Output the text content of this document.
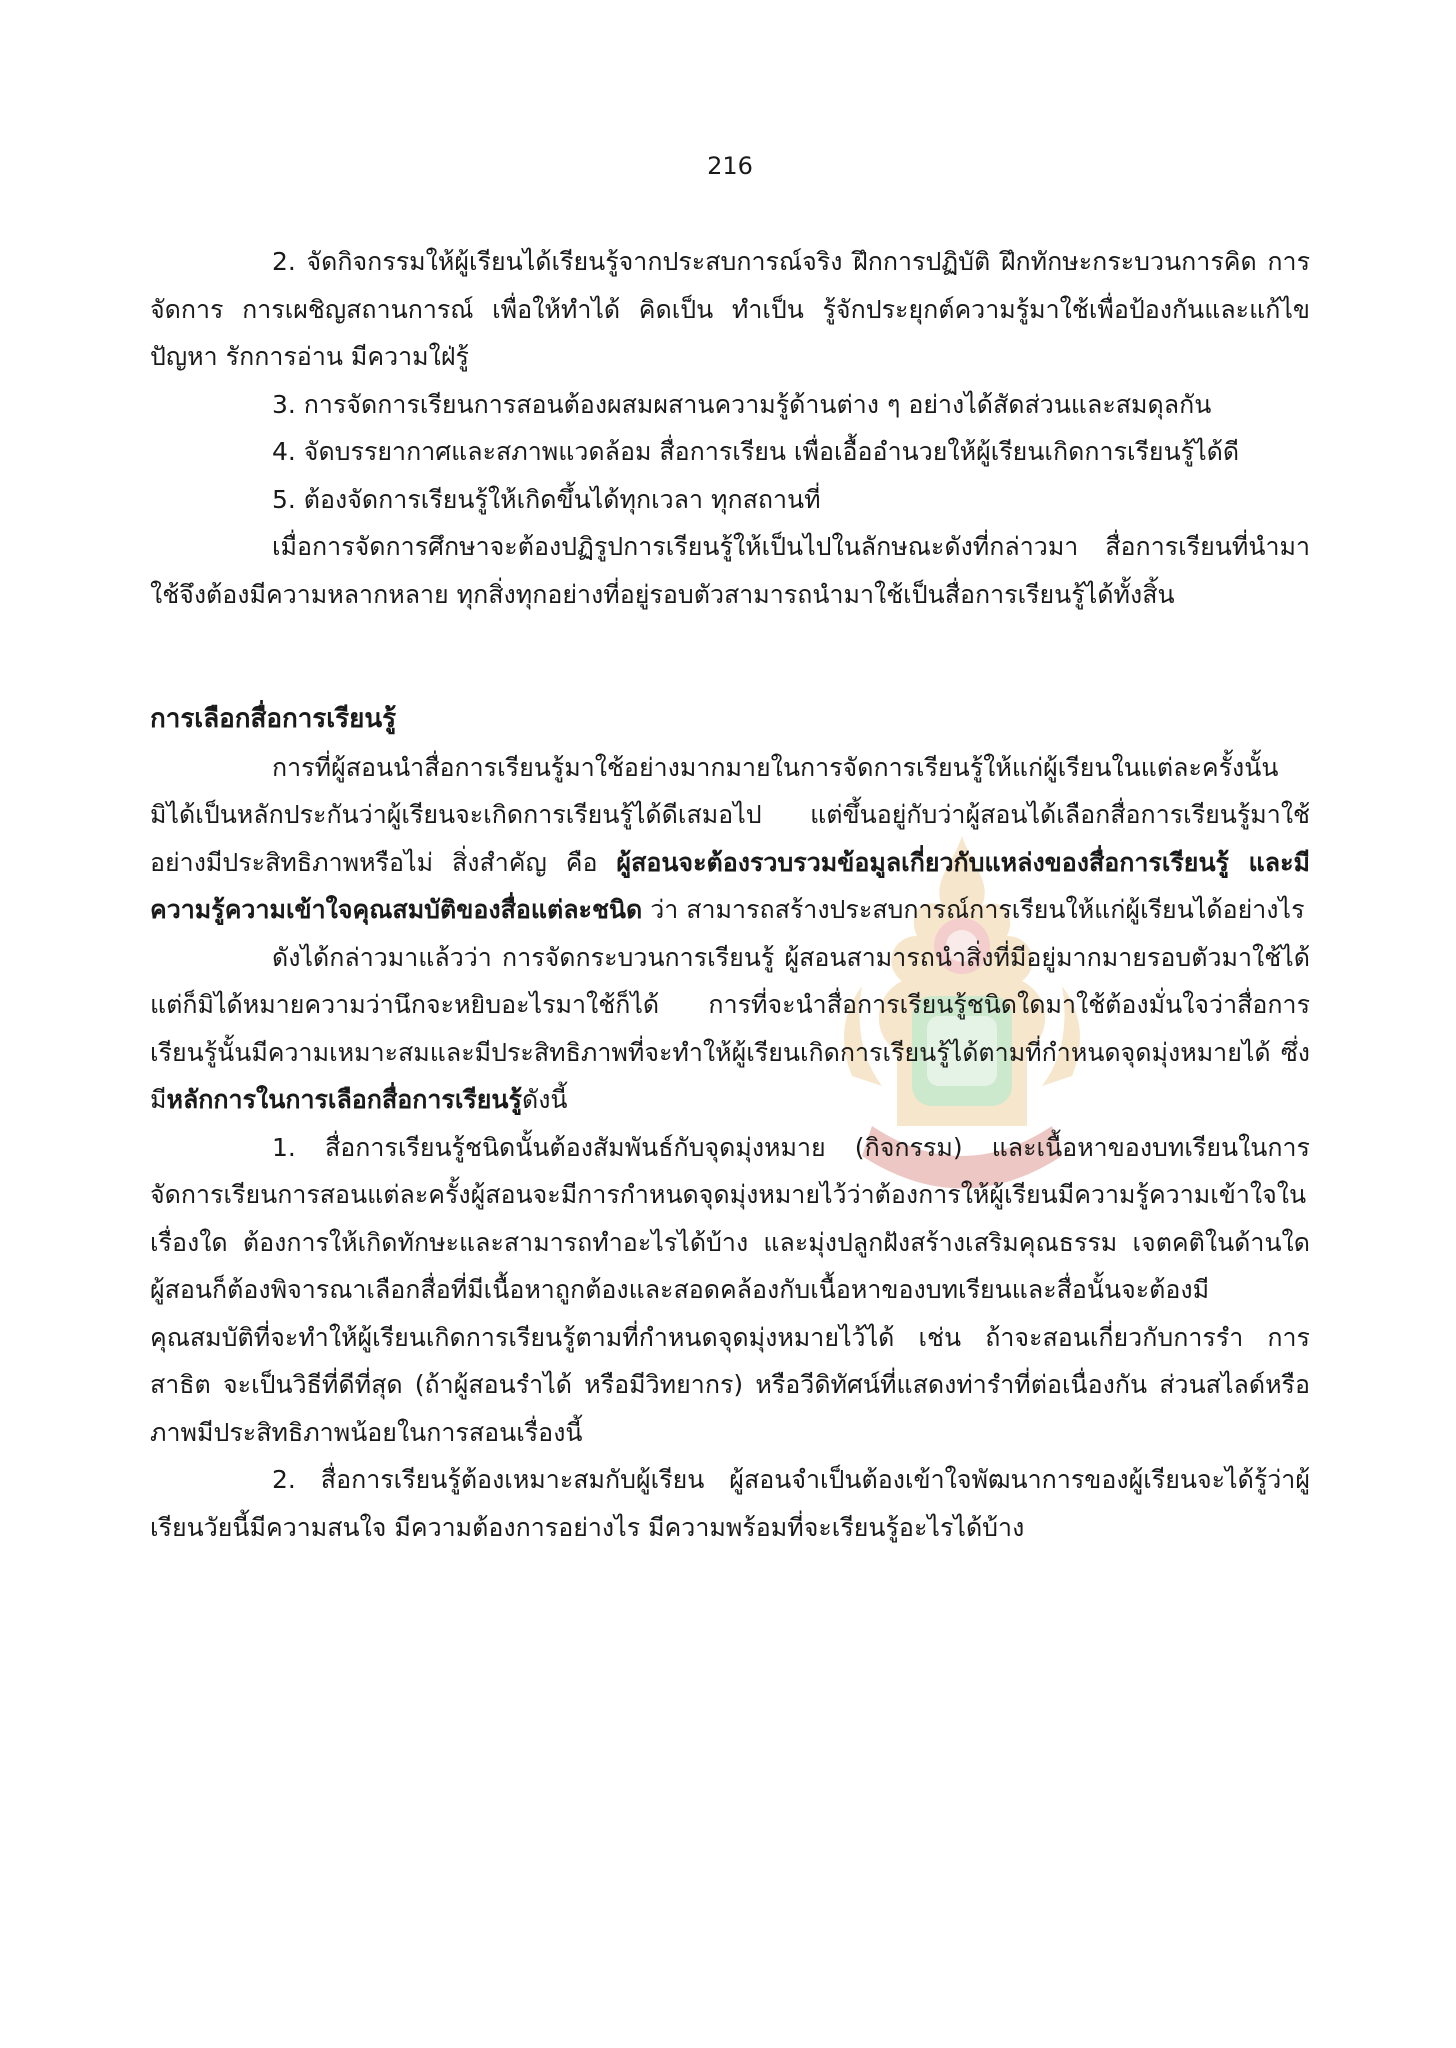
216

2. จัดกิจกรรมให้ผู้เรียนได้เรียนรู้จากประสบการณ์จริง ฝึกการปฏิบัติ ฝึกทักษะกระบวนการคิด การจัดการ การเผชิญสถานการณ์ เพื่อให้ทำได้ คิดเป็น ทำเป็น รู้จักประยุกต์ความรู้มาใช้เพื่อป้องกันและแก้ไขปัญหา รักการอ่าน มีความใฝ่รู้

3. การจัดการเรียนการสอนต้องผสมผสานความรู้ด้านต่าง ๆ อย่างได้สัดส่วนและสมดุลกัน

4. จัดบรรยากาศและสภาพแวดล้อม สื่อการเรียน เพื่อเอื้ออำนวยให้ผู้เรียนเกิดการเรียนรู้ได้ดี

5. ต้องจัดการเรียนรู้ให้เกิดขึ้นได้ทุกเวลา ทุกสถานที่

เมื่อการจัดการศึกษาจะต้องปฏิรูปการเรียนรู้ให้เป็นไปในลักษณะดังที่กล่าวมา สื่อการเรียนที่นำมาใช้จึงต้องมีความหลากหลาย ทุกสิ่งทุกอย่างที่อยู่รอบตัวสามารถนำมาใช้เป็นสื่อการเรียนรู้ได้ทั้งสิ้น

การเลือกสื่อการเรียนรู้

การที่ผู้สอนนำสื่อการเรียนรู้มาใช้อย่างมากมายในการจัดการเรียนรู้ให้แก่ผู้เรียนในแต่ละครั้งนั้นมิได้เป็นหลักประกันว่าผู้เรียนจะเกิดการเรียนรู้ได้ดีเสมอไป แต่ขึ้นอยู่กับว่าผู้สอนได้เลือกสื่อการเรียนรู้มาใช้อย่างมีประสิทธิภาพหรือไม่ สิ่งสำคัญ คือ ผู้สอนจะต้องรวบรวมข้อมูลเกี่ยวกับแหล่งของสื่อการเรียนรู้ และมีความรู้ความเข้าใจคุณสมบัติของสื่อแต่ละชนิด ว่า สามารถสร้างประสบการณ์การเรียนให้แก่ผู้เรียนได้อย่างไร

ดังได้กล่าวมาแล้วว่า การจัดกระบวนการเรียนรู้ ผู้สอนสามารถนำสิ่งที่มีอยู่มากมายรอบตัวมาใช้ได้ แต่ก็มิได้หมายความว่านึกจะหยิบอะไรมาใช้ก็ได้ การที่จะนำสื่อการเรียนรู้ชนิดใดมาใช้ต้องมั่นใจว่าสื่อการเรียนรู้นั้นมีความเหมาะสมและมีประสิทธิภาพที่จะทำให้ผู้เรียนเกิดการเรียนรู้ได้ตามที่กำหนดจุดมุ่งหมายได้ ซึ่งมีหลักการในการเลือกสื่อการเรียนรู้ดังนี้

1. สื่อการเรียนรู้ชนิดนั้นต้องสัมพันธ์กับจุดมุ่งหมาย (กิจกรรม) และเนื้อหาของบทเรียนในการจัดการเรียนการสอนแต่ละครั้งผู้สอนจะมีการกำหนดจุดมุ่งหมายไว้ว่าต้องการให้ผู้เรียนมีความรู้ความเข้าใจในเรื่องใด ต้องการให้เกิดทักษะและสามารถทำอะไรได้บ้าง และมุ่งปลูกฝังสร้างเสริมคุณธรรม เจตคติในด้านใด ผู้สอนก็ต้องพิจารณาเลือกสื่อที่มีเนื้อหาถูกต้องและสอดคล้องกับเนื้อหาของบทเรียนและสื่อนั้นจะต้องมีคุณสมบัติที่จะทำให้ผู้เรียนเกิดการเรียนรู้ตามที่กำหนดจุดมุ่งหมายไว้ได้ เช่น ถ้าจะสอนเกี่ยวกับการรำ การสาธิต จะเป็นวิธีที่ดีที่สุด (ถ้าผู้สอนรำได้ หรือมีวิทยากร) หรือวีดิทัศน์ที่แสดงท่ารำที่ต่อเนื่องกัน ส่วนสไลด์หรือภาพมีประสิทธิภาพน้อยในการสอนเรื่องนี้

2. สื่อการเรียนรู้ต้องเหมาะสมกับผู้เรียน ผู้สอนจำเป็นต้องเข้าใจพัฒนาการของผู้เรียนจะได้รู้ว่าผู้เรียนวัยนี้มีความสนใจ มีความต้องการอย่างไร มีความพร้อมที่จะเรียนรู้อะไรได้บ้าง
